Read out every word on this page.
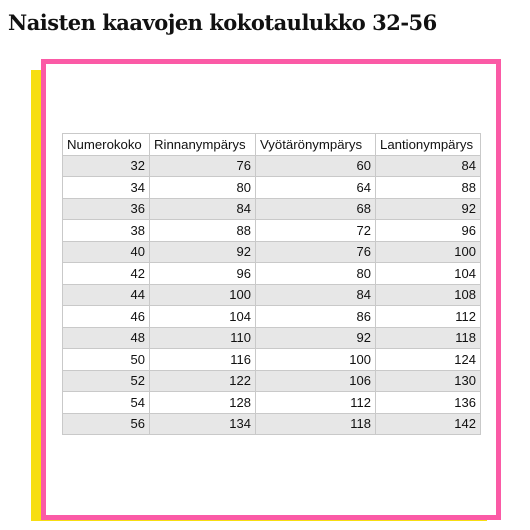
Naisten kaavojen kokotaulukko 32-56
Numerokoko	Rinnanympärys	Vyötärönympärys	Lantionympärys
32	76	60	84
34	80	64	88
36	84	68	92
38	88	72	96
40	92	76	100
42	96	80	104
44	100	84	108
46	104	86	112
48	110	92	118
50	116	100	124
52	122	106	130
54	128	112	136
56	134	118	142
